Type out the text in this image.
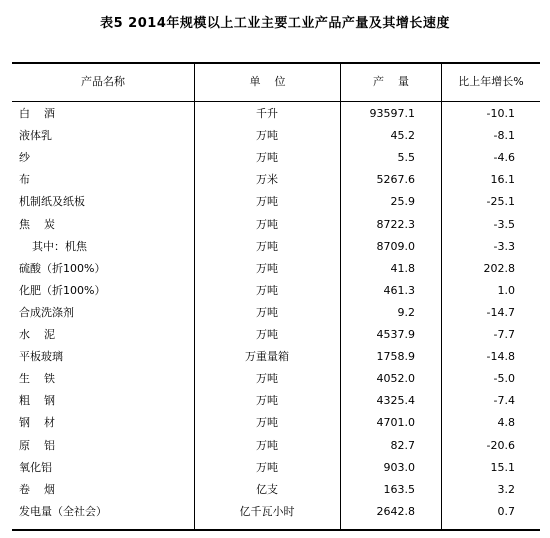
表5 2014年规模以上工业主要工业产品产量及其增长速度
产品名称	单    位	产    量	比上年增长%
白    酒	千升	93597.1	-10.1
液体乳	万吨	45.2	-8.1
纱	万吨	5.5	-4.6
布	万米	5267.6	16.1
机制纸及纸板	万吨	25.9	-25.1
焦    炭	万吨	8722.3	-3.5
其中：机焦	万吨	8709.0	-3.3
硫酸（折100%）	万吨	41.8	202.8
化肥（折100%）	万吨	461.3	1.0
合成洗涤剂	万吨	9.2	-14.7
水    泥	万吨	4537.9	-7.7
平板玻璃	万重量箱	1758.9	-14.8
生    铁	万吨	4052.0	-5.0
粗    钢	万吨	4325.4	-7.4
钢    材	万吨	4701.0	4.8
原    铝	万吨	82.7	-20.6
氧化铝	万吨	903.0	15.1
卷    烟	亿支	163.5	3.2
发电量（全社会）	亿千瓦小时	2642.8	0.7
